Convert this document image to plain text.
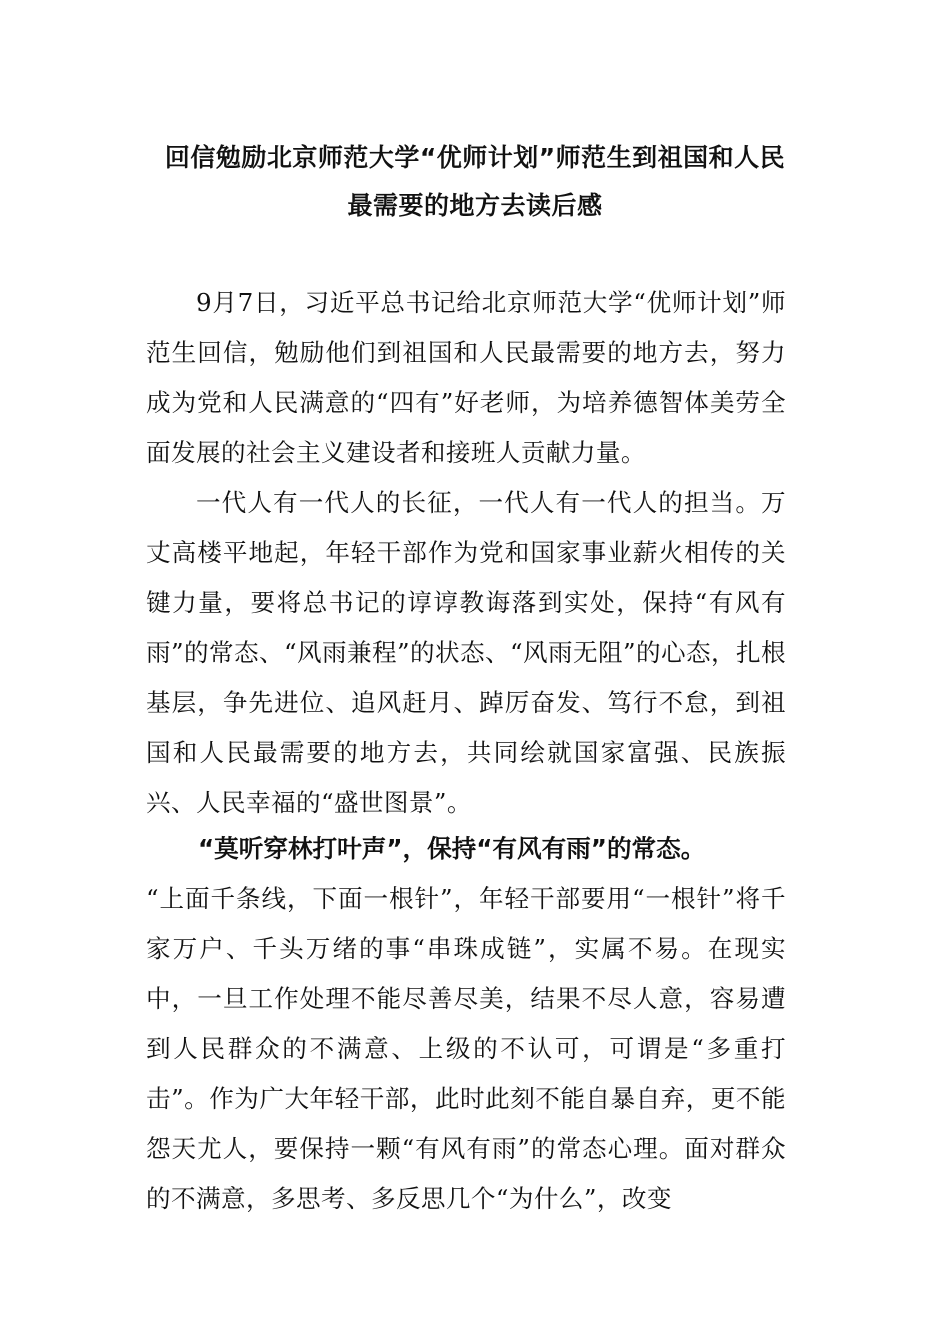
回信勉励北京师范大学“优师计划”师范生到祖国和人民
最需要的地方去读后感

9月7日，习近平总书记给北京师范大学“优师计划”师范生回信，勉励他们到祖国和人民最需要的地方去，努力成为党和人民满意的“四有”好老师，为培养德智体美劳全面发展的社会主义建设者和接班人贡献力量。

一代人有一代人的长征，一代人有一代人的担当。万丈高楼平地起，年轻干部作为党和国家事业薪火相传的关键力量，要将总书记的谆谆教诲落到实处，保持“有风有雨”的常态、“风雨兼程”的状态、“风雨无阻”的心态，扎根基层，争先进位、追风赶月、踔厉奋发、笃行不怠，到祖国和人民最需要的地方去，共同绘就国家富强、民族振兴、人民幸福的“盛世图景”。

“莫听穿林打叶声”，保持“有风有雨”的常态。

“上面千条线，下面一根针”，年轻干部要用“一根针”将千家万户、千头万绪的事“串珠成链”，实属不易。在现实中，一旦工作处理不能尽善尽美，结果不尽人意，容易遭到人民群众的不满意、上级的不认可，可谓是“多重打击”。作为广大年轻干部，此时此刻不能自暴自弃，更不能怨天尤人，要保持一颗“有风有雨”的常态心理。面对群众的不满意，多思考、多反思几个“为什么”，改变
